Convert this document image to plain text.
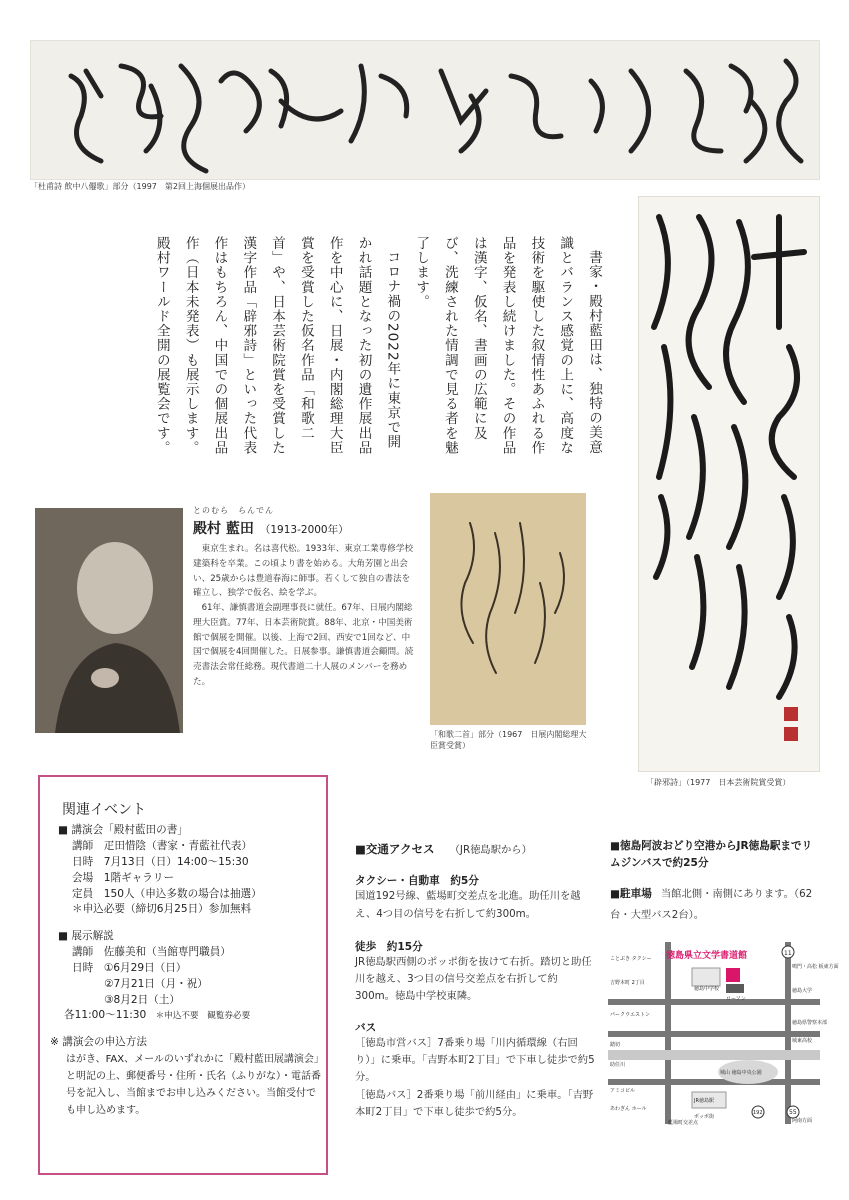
「杜甫詩 飲中八僊歌」部分（1997　第2回上海個展出品作）

書家・殿村藍田は、独特の美意識とバランス感覚の上に、高度な技術を駆使した叙情性あふれる作品を発表し続けました。その作品は漢字、仮名、書画の広範に及び、洗練された情調で見る者を魅了します。

コロナ禍の2022年に東京で開かれ話題となった初の遺作展出品作を中心に、日展・内閣総理大臣賞を受賞した仮名作品「和歌二首」や、日本芸術院賞を受賞した漢字作品「辟邪詩」といった代表作はもちろん、中国での個展出品作（日本未発表）も展示します。殿村ワールド全開の展覧会です。

「辟邪詩」（1977　日本芸術院賞受賞）
「和歌二首」部分（1967　日展内閣総理大臣賞受賞）
とのむら　らんでん
殿村 藍田 （1913-2000年）

東京生まれ。名は喜代松。1933年、東京工業専修学校建築科を卒業。この頃より書を始める。大角芳園と出会い、25歳からは豊道春海に師事。若くして独自の書法を確立し、独学で仮名、絵を学ぶ。

61年、謙慎書道会副理事長に就任。67年、日展内閣総理大臣賞。77年、日本芸術院賞。88年、北京・中国美術館で個展を開催。以後、上海で2回、西安で1回など、中国で個展を4回開催した。日展参事。謙慎書道会顧問。読売書法会常任総務。現代書道二十人展のメンバーを務めた。

関連イベント
■ 講演会「殿村藍田の書」
講師　疋田惜陰（書家・青藍社代表）
日時　7月13日（日）14:00〜15:30
会場　1階ギャラリー
定員　150人（申込多数の場合は抽選）
＊申込必要（締切6月25日）参加無料
■ 展示解説
講師　佐藤美和（当館専門職員）
日時　①6月29日（日）
②7月21日（月・祝）
③8月2日（土）
各11:00〜11:30 ＊申込不要　観覧券必要
※ 講演会の申込方法
はがき、FAX、メールのいずれかに「殿村藍田展講演会」と明記の上、郵便番号・住所・氏名（ふりがな）・電話番号を記入し、当館までお申し込みください。当館受付でも申し込めます。
■交通アクセス （JR徳島駅から）
タクシー・自動車　約5分
国道192号線、藍場町交差点を北進。助任川を越え、4つ目の信号を右折して約300m。
徒歩　約15分
JR徳島駅西側のポッポ街を抜けて右折。踏切と助任川を越え、3つ目の信号交差点を右折して約300m。徳島中学校東隣。
バス
［徳島市営バス］7番乗り場「川内循環線（右回り）」に乗車。「吉野本町2丁目」で下車し徒歩で約5分。
［徳島バス］2番乗り場「前川経由」に乗車。「吉野本町2丁目」で下車し徒歩で約5分。
■徳島阿波おどり空港からJR徳島駅までリムジンバスで約25分
■駐車場 当館北側・南側にあります。（62台・大型バス2台）。
徳島県立文学書道館
徳島中学校
ローソン
ことぶき タクシー
吉野本町 2丁目
パークウエストン
踏切
助任川
城山 徳島中央公園
JR徳島駅
ポッポ街
アミコビル
あわぎん ホール
藍場町交差点
11
192	55
鳴門・高松 板東方面
徳島大学
徳島県警察本部
城東高校
阿南方面
